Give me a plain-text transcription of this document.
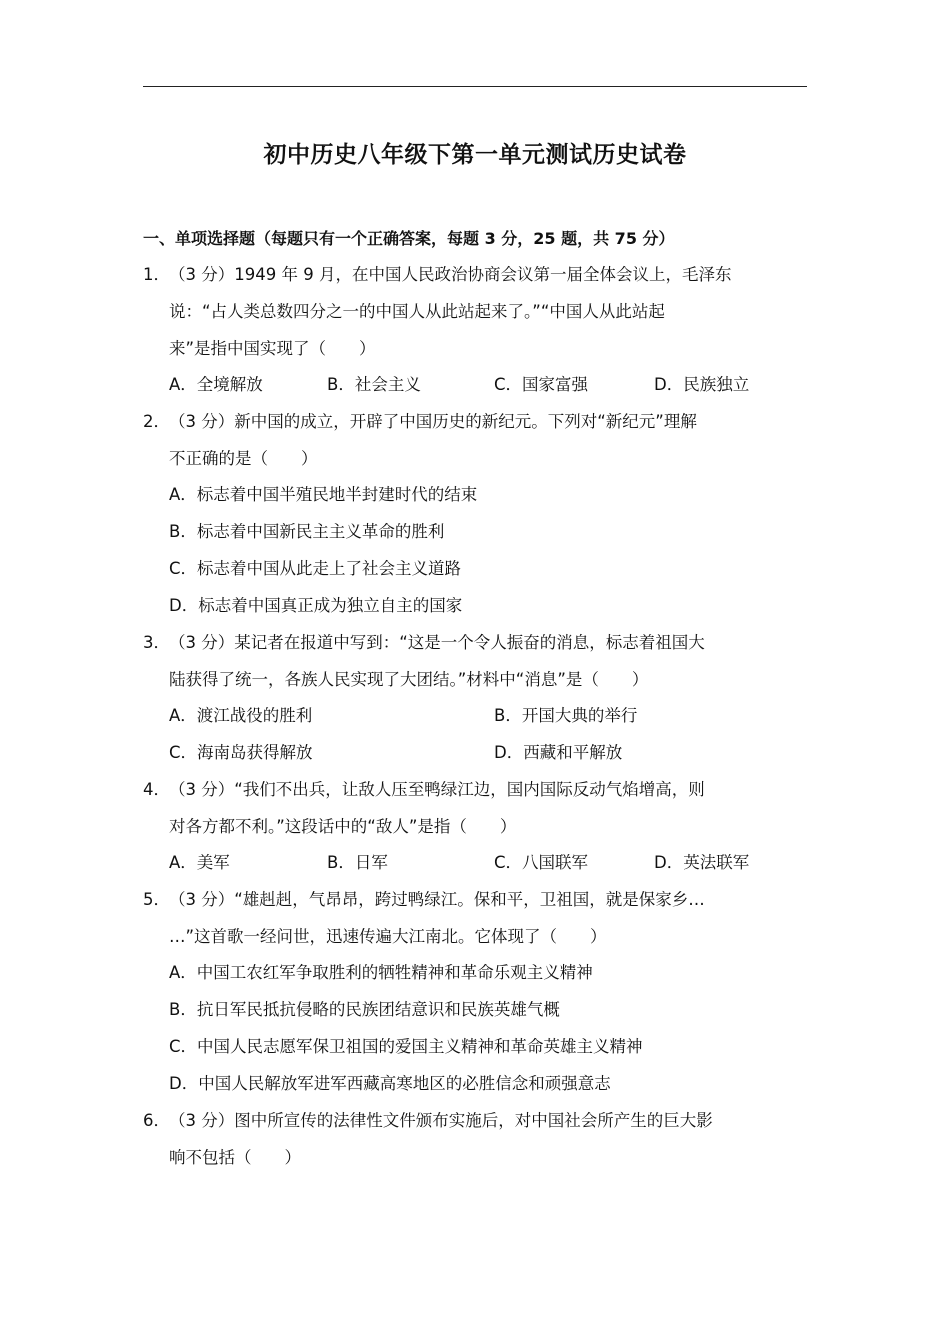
初中历史八年级下第一单元测试历史试卷
一、单项选择题（每题只有一个正确答案，每题 3 分，25 题，共 75 分）
1．（3 分）1949 年 9 月，在中国人民政治协商会议第一届全体会议上，毛泽东
说：“占人类总数四分之一的中国人从此站起来了。”“中国人从此站起
来”是指中国实现了（　　）
A．全境解放	B．社会主义	C．国家富强	D．民族独立
2．（3 分）新中国的成立，开辟了中国历史的新纪元。下列对“新纪元”理解
不正确的是（　　）
A．标志着中国半殖民地半封建时代的结束
B．标志着中国新民主主义革命的胜利
C．标志着中国从此走上了社会主义道路
D．标志着中国真正成为独立自主的国家
3．（3 分）某记者在报道中写到：“这是一个令人振奋的消息，标志着祖国大
陆获得了统一，各族人民实现了大团结。”材料中“消息”是（　　）
A．渡江战役的胜利	B．开国大典的举行
C．海南岛获得解放	D．西藏和平解放
4．（3 分）“我们不出兵，让敌人压至鸭绿江边，国内国际反动气焰增高，则
对各方都不利。”这段话中的“敌人”是指（　　）
A．美军	B．日军	C．八国联军	D．英法联军
5．（3 分）“雄赳赳，气昂昂，跨过鸭绿江。保和平，卫祖国，就是保家乡…
…”这首歌一经问世，迅速传遍大江南北。它体现了（　　）
A．中国工农红军争取胜利的牺牲精神和革命乐观主义精神
B．抗日军民抵抗侵略的民族团结意识和民族英雄气概
C．中国人民志愿军保卫祖国的爱国主义精神和革命英雄主义精神
D．中国人民解放军进军西藏高寒地区的必胜信念和顽强意志
6．（3 分）图中所宣传的法律性文件颁布实施后，对中国社会所产生的巨大影
响不包括（　　）
